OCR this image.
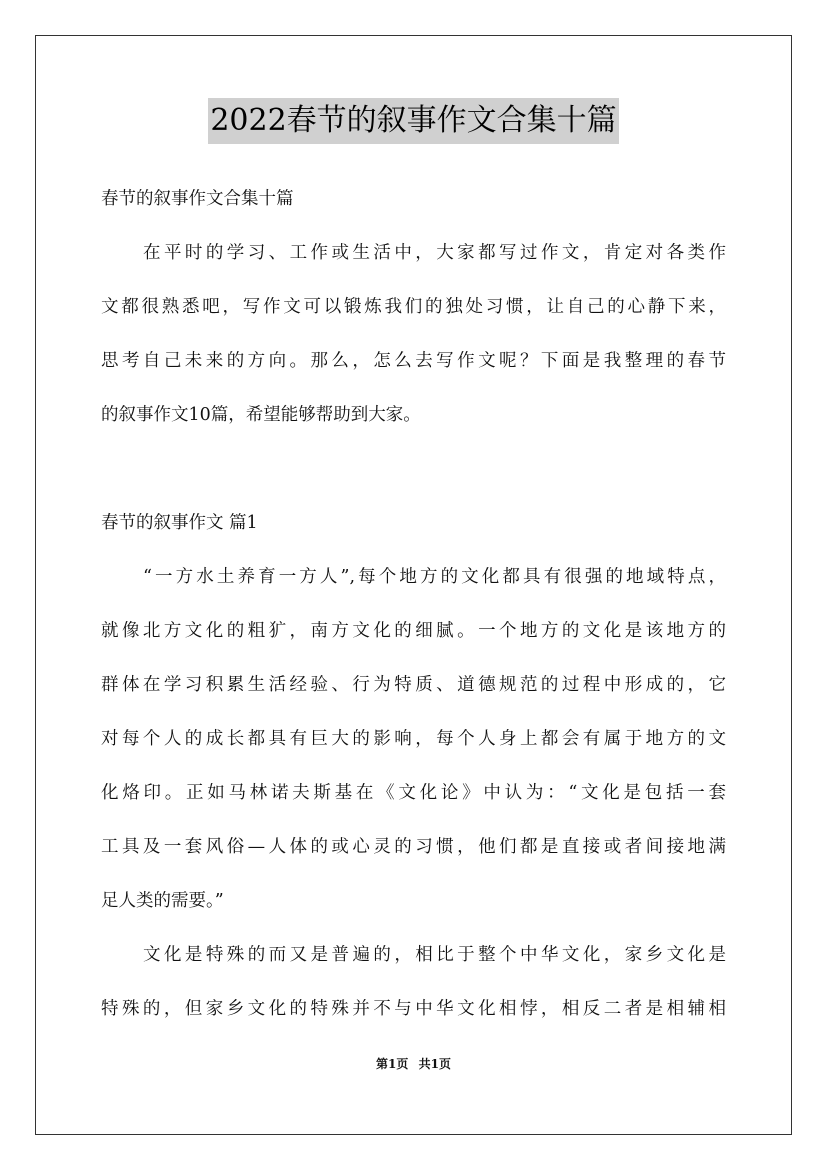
2022春节的叙事作文合集十篇
春节的叙事作文合集十篇
在平时的学习、工作或生活中，大家都写过作文，肯定对各类作
文都很熟悉吧，写作文可以锻炼我们的独处习惯，让自己的心静下来，
思考自己未来的方向。那么，怎么去写作文呢？下面是我整理的春节
的叙事作文10篇，希望能够帮助到大家。
春节的叙事作文 篇1
“一方水土养育一方人”,每个地方的文化都具有很强的地域特点，
就像北方文化的粗犷，南方文化的细腻。一个地方的文化是该地方的
群体在学习积累生活经验、行为特质、道德规范的过程中形成的，它
对每个人的成长都具有巨大的影响，每个人身上都会有属于地方的文
化烙印。正如马林诺夫斯基在《文化论》中认为：“文化是包括一套
工具及一套风俗—人体的或心灵的习惯，他们都是直接或者间接地满
足人类的需要。”
文化是特殊的而又是普遍的，相比于整个中华文化，家乡文化是
特殊的，但家乡文化的特殊并不与中华文化相悖，相反二者是相辅相
第1页 共1页
